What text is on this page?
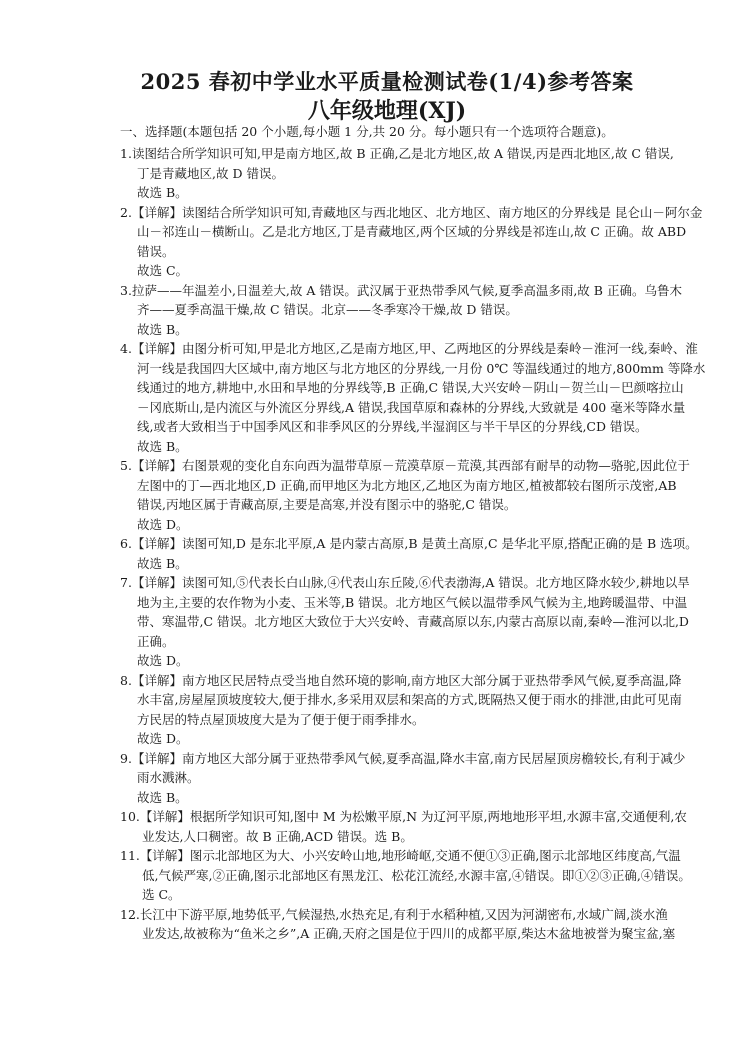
2025 春初中学业水平质量检测试卷(1/4)参考答案
八年级地理(XJ)
一、选择题(本题包括 20 个小题,每小题 1 分,共 20 分。每小题只有一个选项符合题意)。
1. 读图结合所学知识可知,甲是南方地区,故 B 正确,乙是北方地区,故 A 错误,丙是西北地区,故 C 错误,
丁是青藏地区,故 D 错误。
故选 B。
2. 【详解】读图结合所学知识可知,青藏地区与西北地区、北方地区、南方地区的分界线是 昆仑山－阿尔金
山－祁连山－横断山。乙是北方地区,丁是青藏地区,两个区域的分界线是祁连山,故 C 正确。故 ABD
错误。
故选 C。
3. 拉萨——年温差小,日温差大,故 A 错误。武汉属于亚热带季风气候,夏季高温多雨,故 B 正确。乌鲁木
齐——夏季高温干燥,故 C 错误。北京——冬季寒冷干燥,故 D 错误。
故选 B。
4. 【详解】由图分析可知,甲是北方地区,乙是南方地区,甲、乙两地区的分界线是秦岭－淮河一线,秦岭、淮
河一线是我国四大区域中,南方地区与北方地区的分界线,一月份 0℃ 等温线通过的地方,800mm 等降水
线通过的地方,耕地中,水田和旱地的分界线等,B 正确,C 错误,大兴安岭－阴山－贺兰山－巴颜喀拉山
－冈底斯山,是内流区与外流区分界线,A 错误,我国草原和森林的分界线,大致就是 400 毫米等降水量
线,或者大致相当于中国季风区和非季风区的分界线,半湿润区与半干旱区的分界线,CD 错误。
故选 B。
5. 【详解】右图景观的变化自东向西为温带草原－荒漠草原－荒漠,其西部有耐旱的动物—骆驼,因此位于
左图中的丁—西北地区,D 正确,而甲地区为北方地区,乙地区为南方地区,植被都较右图所示茂密,AB
错误,丙地区属于青藏高原,主要是高寒,并没有图示中的骆驼,C 错误。
故选 D。
6. 【详解】读图可知,D 是东北平原,A 是内蒙古高原,B 是黄土高原,C 是华北平原,搭配正确的是 B 选项。
故选 B。
7. 【详解】读图可知,⑤代表长白山脉,④代表山东丘陵,⑥代表渤海,A 错误。北方地区降水较少,耕地以旱
地为主,主要的农作物为小麦、玉米等,B 错误。北方地区气候以温带季风气候为主,地跨暖温带、中温
带、寒温带,C 错误。北方地区大致位于大兴安岭、青藏高原以东,内蒙古高原以南,秦岭—淮河以北,D
正确。
故选 D。
8. 【详解】南方地区民居特点受当地自然环境的影响,南方地区大部分属于亚热带季风气候,夏季高温,降
水丰富,房屋屋顶坡度较大,便于排水,多采用双层和架高的方式,既隔热又便于雨水的排泄,由此可见南
方民居的特点屋顶坡度大是为了便于便于雨季排水。
故选 D。
9. 【详解】南方地区大部分属于亚热带季风气候,夏季高温,降水丰富,南方民居屋顶房檐较长,有利于减少
雨水溅淋。
故选 B。
10. 【详解】根据所学知识可知,图中 M 为松嫩平原,N 为辽河平原,两地地形平坦,水源丰富,交通便利,农
业发达,人口稠密。故 B 正确,ACD 错误。选 B。
11. 【详解】图示北部地区为大、小兴安岭山地,地形崎岖,交通不便①③正确,图示北部地区纬度高,气温
低,气候严寒,②正确,图示北部地区有黑龙江、松花江流经,水源丰富,④错误。即①②③正确,④错误。
选 C。
12. 长江中下游平原,地势低平,气候湿热,水热充足,有利于水稻种植,又因为河湖密布,水域广阔,淡水渔
业发达,故被称为“鱼米之乡”,A 正确,天府之国是位于四川的成都平原,柴达木盆地被誉为聚宝盆,塞
